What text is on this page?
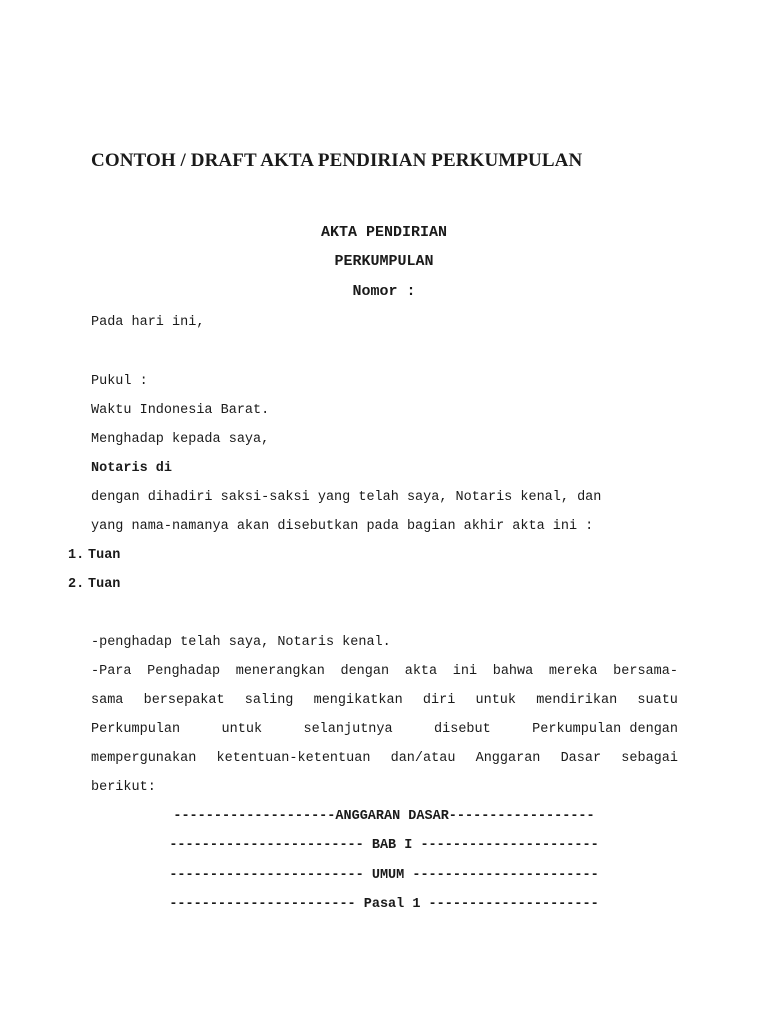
CONTOH / DRAFT AKTA PENDIRIAN PERKUMPULAN
AKTA PENDIRIAN
PERKUMPULAN
Nomor :
Pada hari ini,
Pukul :
Waktu Indonesia Barat.
Menghadap kepada saya,
Notaris di
dengan dihadiri saksi-saksi yang telah saya, Notaris kenal, dan
yang nama-namanya akan disebutkan pada bagian akhir akta ini :
1. Tuan
2. Tuan
-penghadap telah saya, Notaris kenal.
-Para Penghadap menerangkan dengan akta ini bahwa mereka bersama-
sama bersepakat saling mengikatkan diri untuk mendirikan suatu
Perkumpulan	untuk	selanjutnya	disebut	Perkumpulan dengan
mempergunakan ketentuan-ketentuan dan/atau Anggaran Dasar sebagai
berikut:
--------------------ANGGARAN DASAR------------------
------------------------ BAB I ----------------------
------------------------ UMUM -----------------------
----------------------- Pasal 1 ---------------------
